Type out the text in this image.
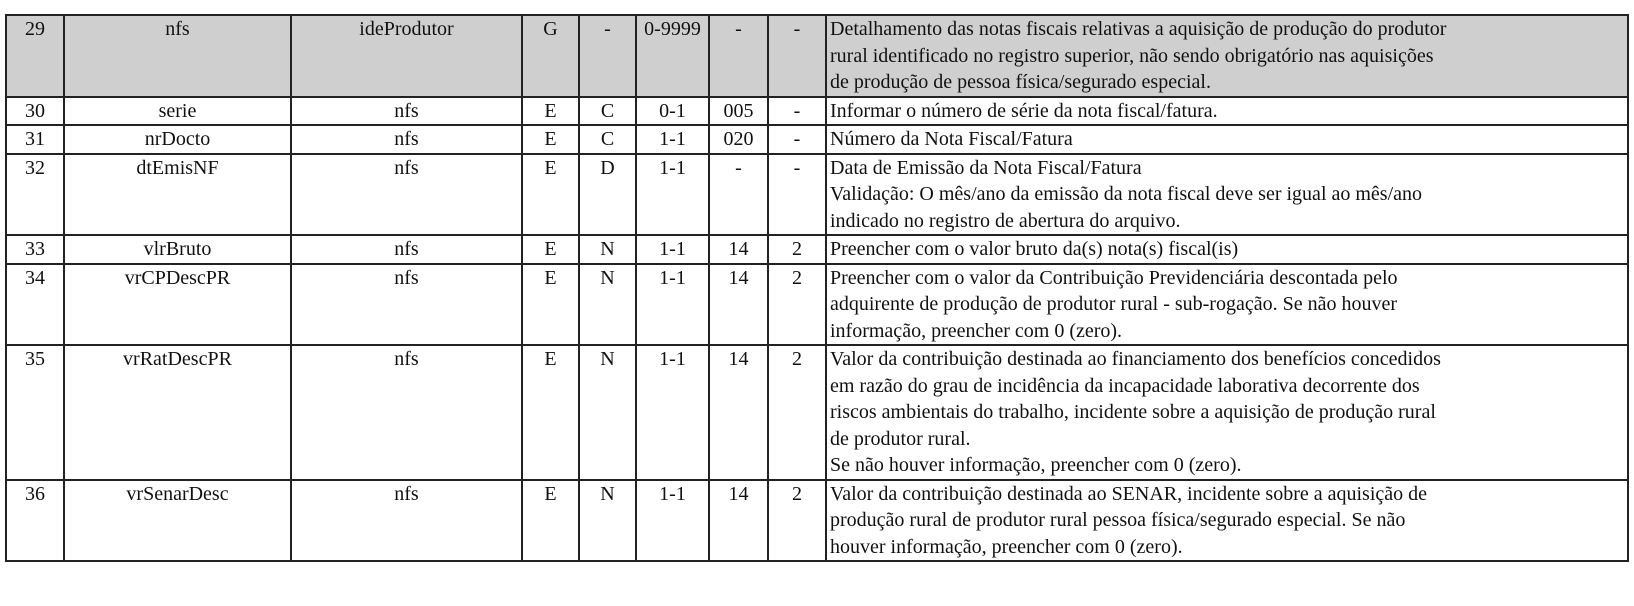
29	nfs	ideProdutor	G	-	0-9999	-	-	Detalhamento das notas fiscais relativas a aquisição de produção do produtor
rural identificado no registro superior, não sendo obrigatório nas aquisições
de produção de pessoa física/segurado especial.

30	serie	nfs	E	C	0-1	005	-	Informar o número de série da nota fiscal/fatura.

31	nrDocto	nfs	E	C	1-1	020	-	Número da Nota Fiscal/Fatura

32	dtEmisNF	nfs	E	D	1-1	-	-	Data de Emissão da Nota Fiscal/Fatura
Validação: O mês/ano da emissão da nota fiscal deve ser igual ao mês/ano
indicado no registro de abertura do arquivo.

33	vlrBruto	nfs	E	N	1-1	14	2	Preencher com o valor bruto da(s) nota(s) fiscal(is)

34	vrCPDescPR	nfs	E	N	1-1	14	2	Preencher com o valor da Contribuição Previdenciária descontada pelo
adquirente de produção de produtor rural - sub-rogação. Se não houver
informação, preencher com 0 (zero).

35	vrRatDescPR	nfs	E	N	1-1	14	2	Valor da contribuição destinada ao financiamento dos benefícios concedidos
em razão do grau de incidência da incapacidade laborativa decorrente dos
riscos ambientais do trabalho, incidente sobre a aquisição de produção rural
de produtor rural.
Se não houver informação, preencher com 0 (zero).

36	vrSenarDesc	nfs	E	N	1-1	14	2	Valor da contribuição destinada ao SENAR, incidente sobre a aquisição de
produção rural de produtor rural pessoa física/segurado especial. Se não
houver informação, preencher com 0 (zero).
